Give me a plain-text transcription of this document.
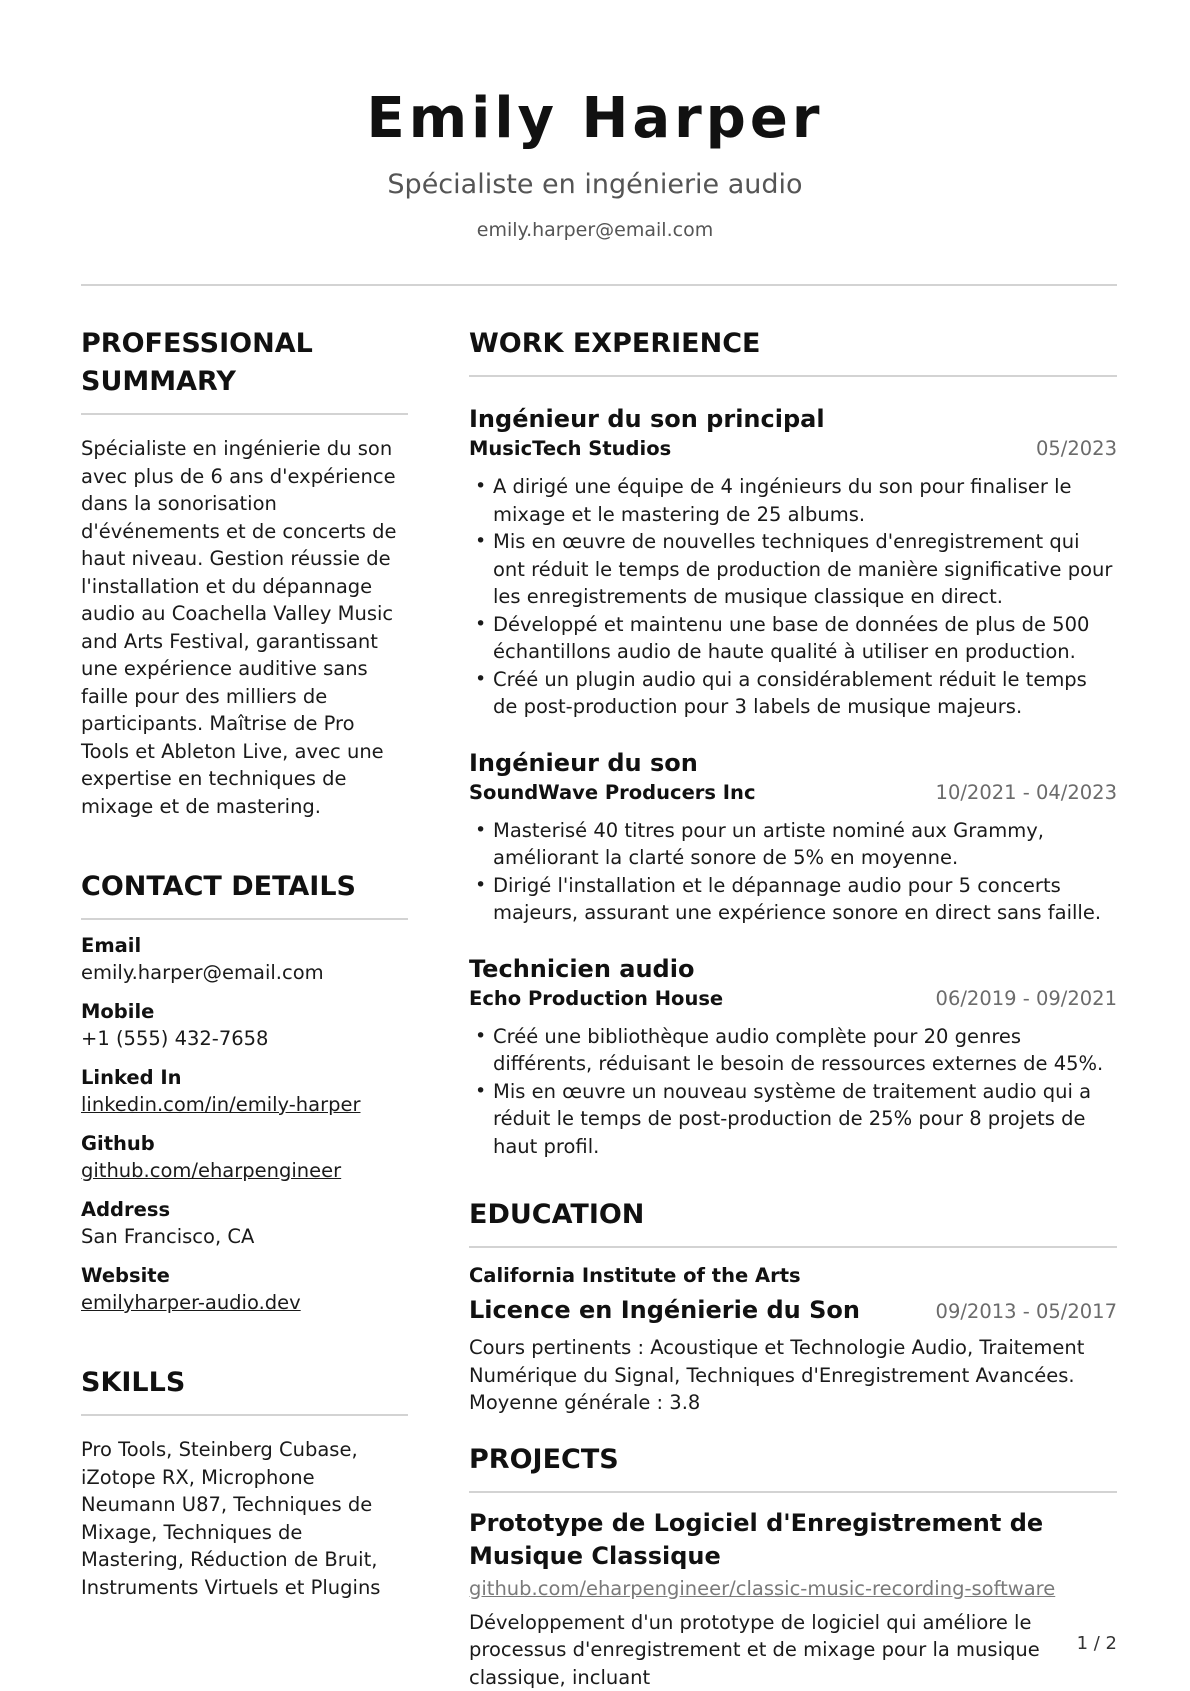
Emily Harper
Spécialiste en ingénierie audio
emily.harper@email.com
PROFESSIONAL SUMMARY
Spécialiste en ingénierie du son avec plus de 6 ans d'expérience dans la sonorisation d'événements et de concerts de haut niveau. Gestion réussie de l'installation et du dépannage audio au Coachella Valley Music and Arts Festival, garantissant une expérience auditive sans faille pour des milliers de participants. Maîtrise de Pro Tools et Ableton Live, avec une expertise en techniques de mixage et de mastering.
CONTACT DETAILS
Email
emily.harper@email.com
Mobile
+1 (555) 432-7658
Linked In
linkedin.com/in/emily-harper
Github
github.com/eharpengineer
Address
San Francisco, CA
Website
emilyharper-audio.dev
SKILLS
Pro Tools, Steinberg Cubase, iZotope RX, Microphone Neumann U87, Techniques de Mixage, Techniques de Mastering, Réduction de Bruit, Instruments Virtuels et Plugins
WORK EXPERIENCE
Ingénieur du son principal
MusicTech Studios	05/2023
• A dirigé une équipe de 4 ingénieurs du son pour finaliser le mixage et le mastering de 25 albums.
• Mis en œuvre de nouvelles techniques d'enregistrement qui ont réduit le temps de production de manière significative pour les enregistrements de musique classique en direct.
• Développé et maintenu une base de données de plus de 500 échantillons audio de haute qualité à utiliser en production.
• Créé un plugin audio qui a considérablement réduit le temps de post-production pour 3 labels de musique majeurs.
Ingénieur du son
SoundWave Producers Inc	10/2021 - 04/2023
• Masterisé 40 titres pour un artiste nominé aux Grammy, améliorant la clarté sonore de 5% en moyenne.
• Dirigé l'installation et le dépannage audio pour 5 concerts majeurs, assurant une expérience sonore en direct sans faille.
Technicien audio
Echo Production House	06/2019 - 09/2021
• Créé une bibliothèque audio complète pour 20 genres différents, réduisant le besoin de ressources externes de 45%.
• Mis en œuvre un nouveau système de traitement audio qui a réduit le temps de post-production de 25% pour 8 projets de haut profil.
EDUCATION
California Institute of the Arts
Licence en Ingénierie du Son	09/2013 - 05/2017
Cours pertinents : Acoustique et Technologie Audio, Traitement Numérique du Signal, Techniques d'Enregistrement Avancées. Moyenne générale : 3.8
PROJECTS
Prototype de Logiciel d'Enregistrement de Musique Classique
github.com/eharpengineer/classic-music-recording-software
Développement d'un prototype de logiciel qui améliore le processus d'enregistrement et de mixage pour la musique classique, incluant
1 / 2
